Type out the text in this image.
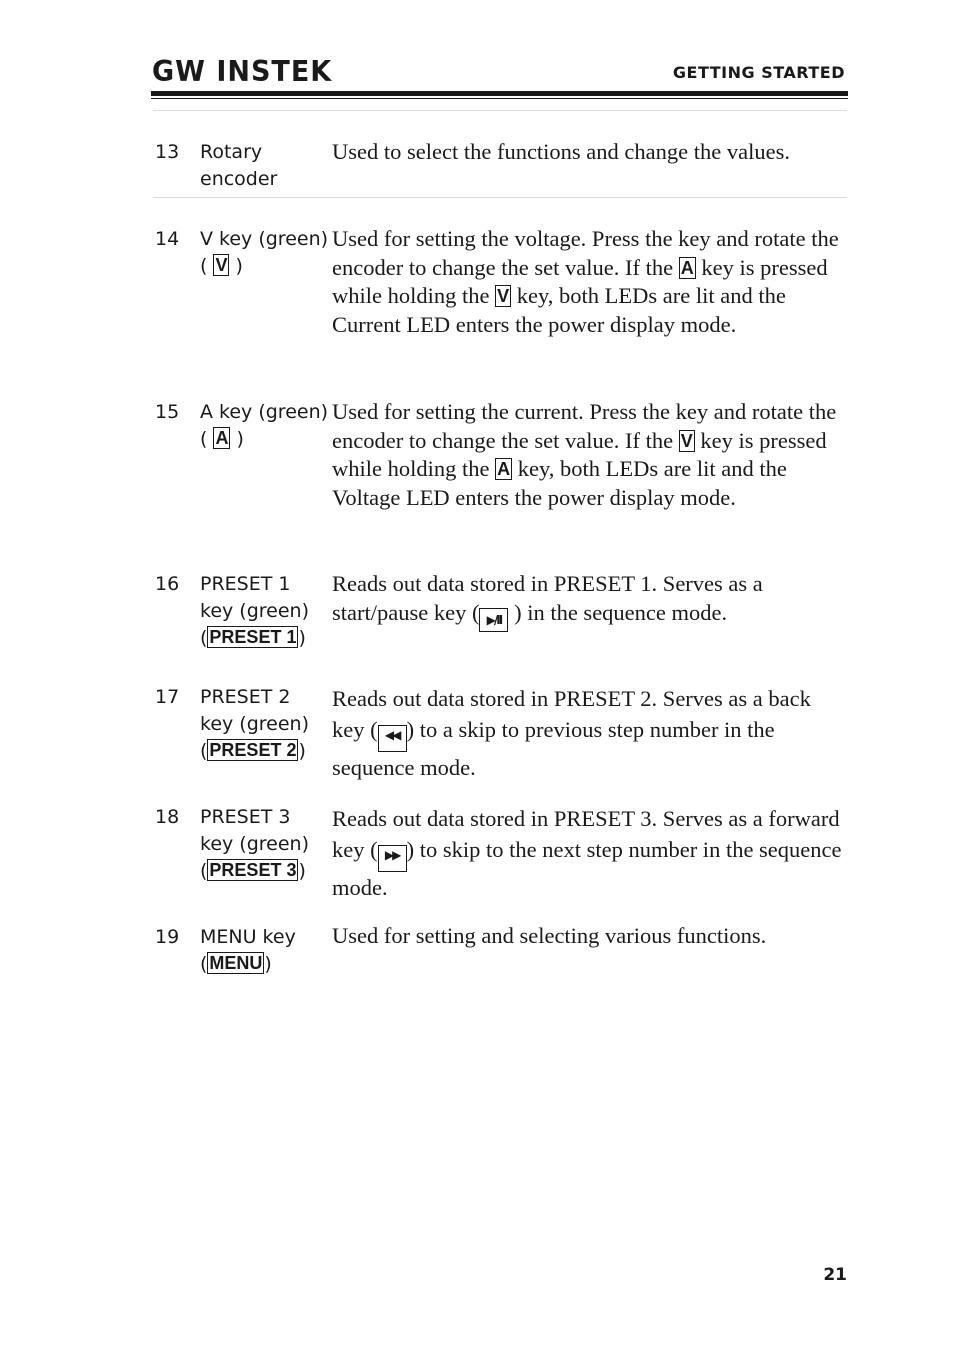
GW INSTEK	GETTING STARTED
13 Rotary
encoder
Used to select the functions and change the values.
14 V key (green)
( V )
Used for setting the voltage. Press the key and rotate the encoder to change the set value. If the A key is pressed while holding the V key, both LEDs are lit and the Current LED enters the power display mode.
15 A key (green)
( A )
Used for setting the current. Press the key and rotate the encoder to change the set value. If the V key is pressed while holding the A key, both LEDs are lit and the Voltage LED enters the power display mode.
16 PRESET 1
key (green)
( PRESET 1 )
Reads out data stored in PRESET 1. Serves as a start/pause key ( ▶/II ) in the sequence mode.
17 PRESET 2
key (green)
( PRESET 2 )
Reads out data stored in PRESET 2. Serves as a back key ( ◀◀ ) to a skip to previous step number in the sequence mode.
18 PRESET 3
key (green)
( PRESET 3 )
Reads out data stored in PRESET 3. Serves as a forward key ( ▶▶ ) to skip to the next step number in the sequence mode.
19 MENU key
( MENU )
Used for setting and selecting various functions.
21
